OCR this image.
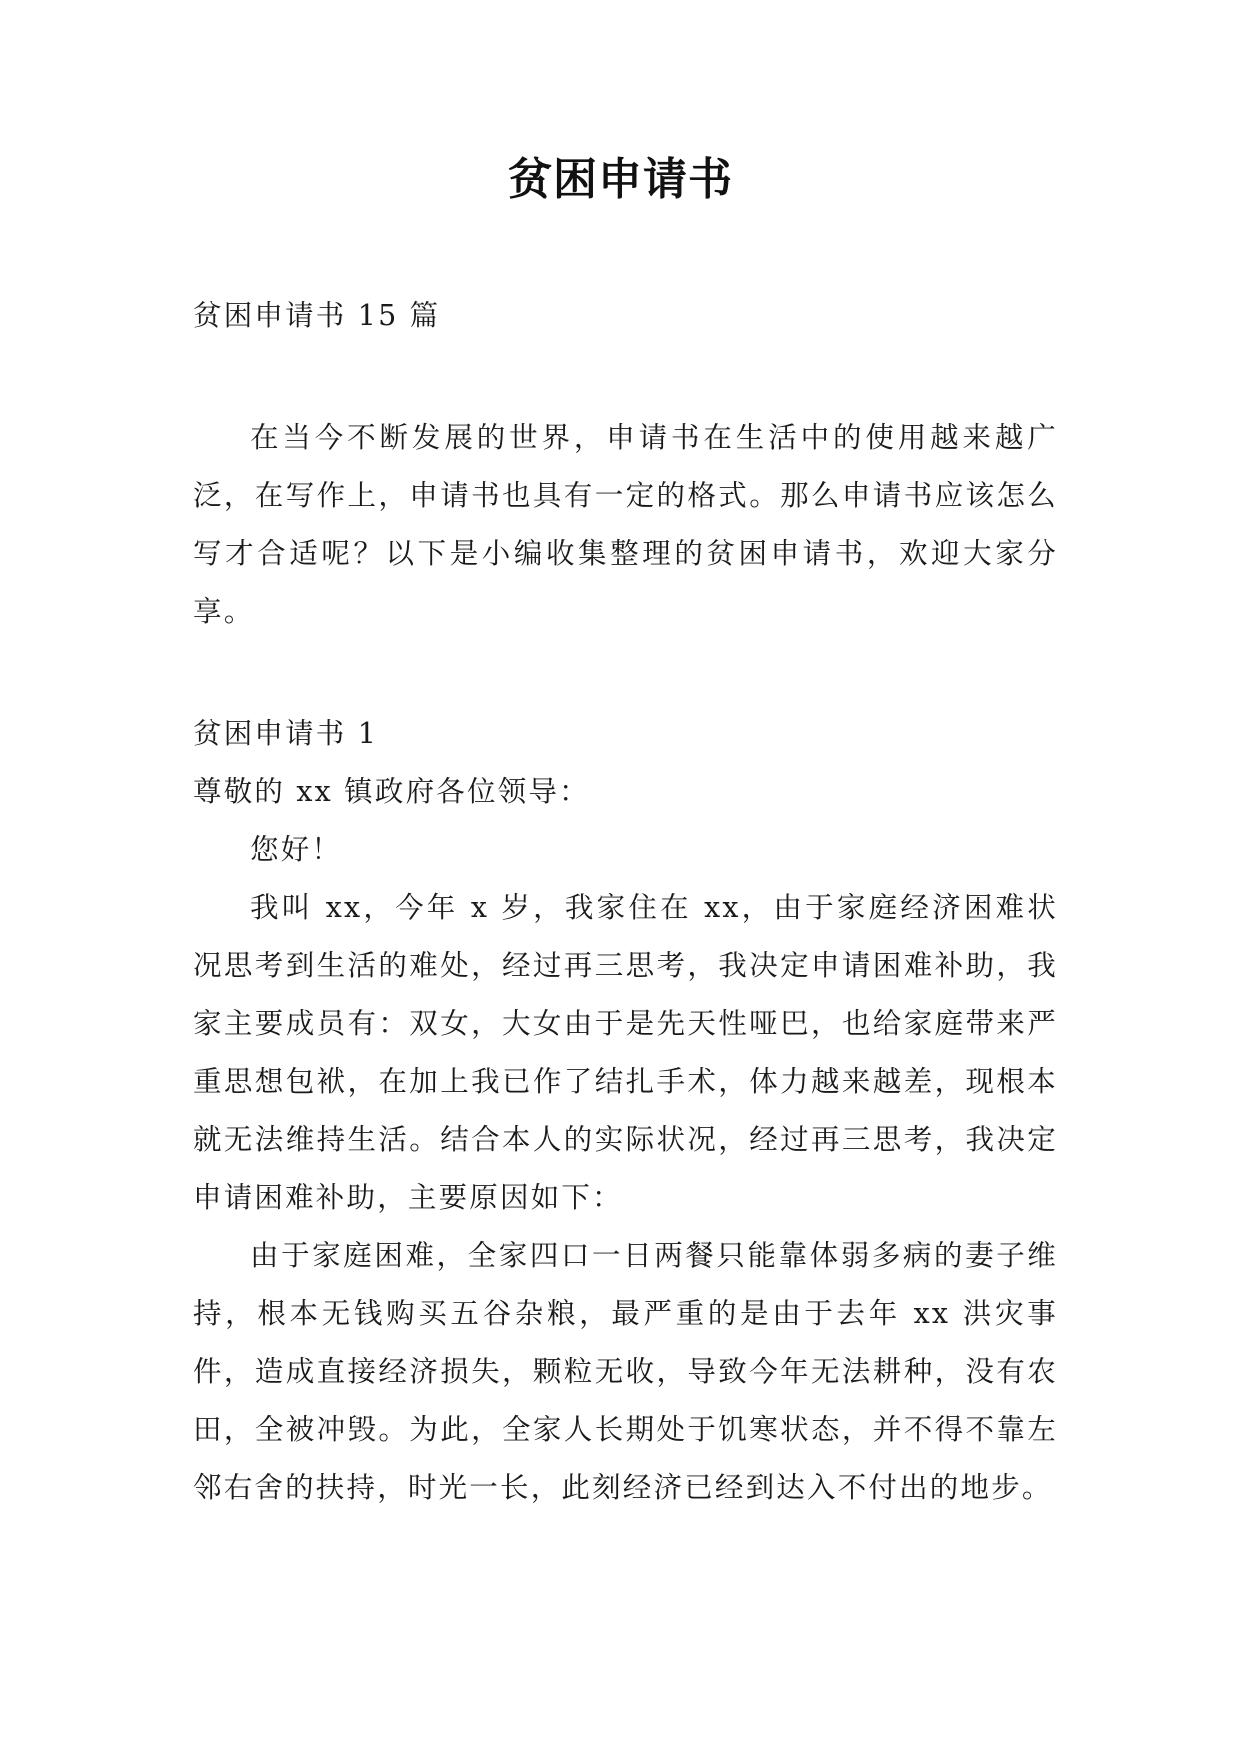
贫困申请书

贫困申请书 15 篇

在当今不断发展的世界，申请书在生活中的使用越来越广泛，在写作上，申请书也具有一定的格式。那么申请书应该怎么写才合适呢？以下是小编收集整理的贫困申请书，欢迎大家分享。

贫困申请书 1

尊敬的 xx 镇政府各位领导：

您好！

我叫 xx，今年 x 岁，我家住在 xx，由于家庭经济困难状况思考到生活的难处，经过再三思考，我决定申请困难补助，我家主要成员有：双女，大女由于是先天性哑巴，也给家庭带来严重思想包袱，在加上我已作了结扎手术，体力越来越差，现根本就无法维持生活。结合本人的实际状况，经过再三思考，我决定申请困难补助，主要原因如下：

由于家庭困难，全家四口一日两餐只能靠体弱多病的妻子维持，根本无钱购买五谷杂粮，最严重的是由于去年 xx 洪灾事件，造成直接经济损失，颗粒无收，导致今年无法耕种，没有农田，全被冲毁。为此，全家人长期处于饥寒状态，并不得不靠左邻右舍的扶持，时光一长，此刻经济已经到达入不付出的地步。
